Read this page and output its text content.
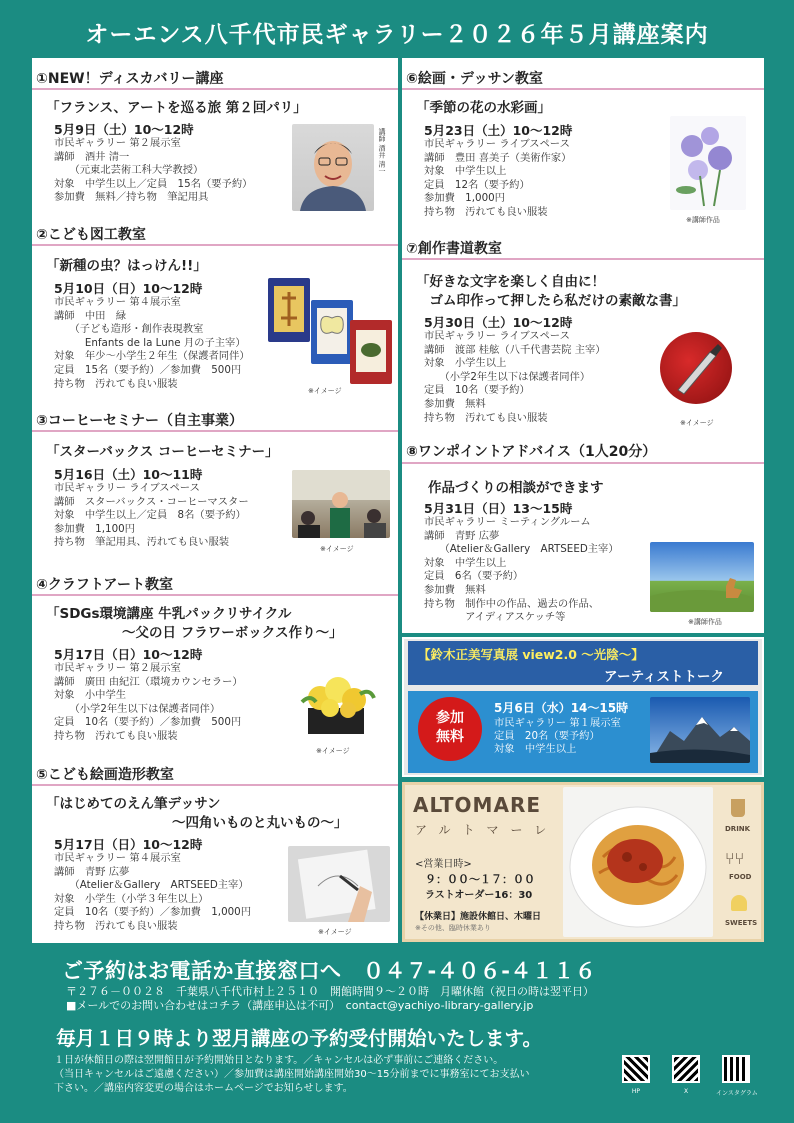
オーエンス八千代市民ギャラリー２０２６年５月講座案内
①NEW！ディスカバリー講座
「フランス、アートを巡る旅 第２回パリ」
5月9日（土）10～12時
市民ギャラリー 第２展示室
講師　酒井 清一
　　（元東北芸術工科大学教授）
対象　中学生以上／定員　15名（要予約）
参加費　無料／持ち物　筆記用具
講師 酒井 清一
②こども図工教室
「新種の虫？はっけん!!」
5月10日（日）10～12時
市民ギャラリー 第４展示室
講師　中田　緑
　　（子ども造形・創作表現教室
　　　Enfants de la Lune 月の子主宰）
対象　年少～小学生２年生（保護者同伴）
定員　15名（要予約）／参加費　500円
持ち物　汚れても良い服装
※イメージ
③コーヒーセミナー（自主事業）
「スターバックス コーヒーセミナー」
5月16日（土）10～11時
市民ギャラリー ライブスペース
講師　スターバックス・コーヒーマスター
対象　中学生以上／定員　8名（要予約）
参加費　1,100円
持ち物　筆記用具、汚れても良い服装
※イメージ
④クラフトアート教室
「SDGs環境講座 牛乳パックリサイクル
～父の日 フラワーボックス作り～」
5月17日（日）10～12時
市民ギャラリー 第２展示室
講師　廣田 由紀江（環境カウンセラー）
対象　小中学生
　　（小学2年生以下は保護者同伴）
定員　10名（要予約）／参加費　500円
持ち物　汚れても良い服装
※イメージ
⑤こども絵画造形教室
「はじめてのえん筆デッサン
～四角いものと丸いもの～」
5月17日（日）10～12時
市民ギャラリー 第４展示室
講師　青野 広夢
　　（Atelier＆Gallery　ARTSEED主宰）
対象　小学生（小学３年生以上）
定員　10名（要予約）／参加費　1,000円
持ち物　汚れても良い服装
※イメージ
⑥絵画・デッサン教室
「季節の花の水彩画」
5月23日（土）10～12時
市民ギャラリー ライブスペース
講師　豊田 喜美子（美術作家）
対象　中学生以上
定員　12名（要予約）
参加費　1,000円
持ち物　汚れても良い服装
※講師作品
⑦創作書道教室
「好きな文字を楽しく自由に！
　ゴム印作って押したら私だけの素敵な書」
5月30日（土）10～12時
市民ギャラリー ライブスペース
講師　渡部 桂舷（八千代書芸院 主宰）
対象　小学生以上
　　（小学2年生以下は保護者同伴）
定員　10名（要予約）
参加費　無料
持ち物　汚れても良い服装	※イメージ
⑧ワンポイントアドバイス（1人20分）
作品づくりの相談ができます
5月31日（日）13～15時
市民ギャラリー ミーティングルーム
講師　青野 広夢
　　（Atelier＆Gallery　ARTSEED主宰）
対象　中学生以上
定員　6名（要予約）
参加費　無料
持ち物　制作中の作品、過去の作品、
　　　　アイディアスケッチ等	※講師作品
【鈴木正美写真展 view2.0 ～光陰～】
アーティストトーク
参加
無料
5月6日（水）14～15時
市民ギャラリー 第１展示室
定員　20名（要予約）
対象　中学生以上
ALTOMARE
アルトマーレ
<営業日時>
９：００～１７：００
ラストオーダー16：30
【休業日】施設休館日、木曜日
※その他、臨時休業あり
DRINK
⑂⑂
FOOD
SWEETS
ご予約はお電話か直接窓口へ　０４７-４０６-４１１６
〒２７６－００２８　千葉県八千代市村上２５１０　開館時間９～２０時　月曜休館（祝日の時は翌平日）
■メールでのお問い合わせはコチラ（講座申込は不可）　contact@yachiyo-library-gallery.jp
毎月１日９時より翌月講座の予約受付開始いたします。
１日が休館日の際は翌開館日が予約開始日となります。／キャンセルは必ず事前にご連絡ください。
（当日キャンセルはご遠慮ください）／参加費は講座開始講座開始30～15分前までに事務室にてお支払い
下さい。／講座内容変更の場合はホームページでお知らせします。	HP	X	インスタグラム
